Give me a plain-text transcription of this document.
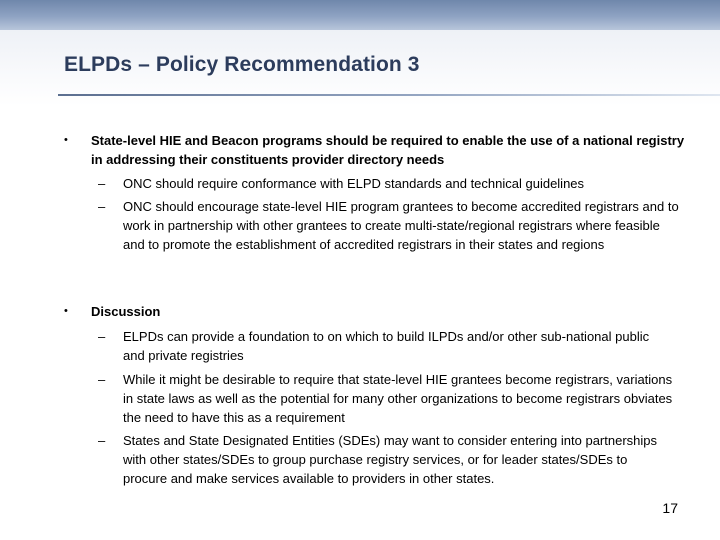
ELPDs – Policy Recommendation 3
• State-level HIE and Beacon programs should be required to enable the use of a national registry in addressing their constituents provider directory needs
– ONC should require conformance with ELPD standards and technical guidelines
– ONC should encourage state-level HIE program grantees to become accredited registrars and to work in partnership with other grantees to create multi-state/regional registrars where feasible and to promote the establishment of accredited registrars in their states and regions
• Discussion
– ELPDs can provide a foundation to on which to build ILPDs and/or other sub-national public and private registries
– While it might be desirable to require that state-level HIE grantees become registrars, variations in state laws as well as the potential for many other organizations to become registrars obviates the need to have this as a requirement
– States and State Designated Entities (SDEs) may want to consider entering into partnerships with other states/SDEs to group purchase registry services, or for leader states/SDEs to procure and make services available to providers in other states.
17
